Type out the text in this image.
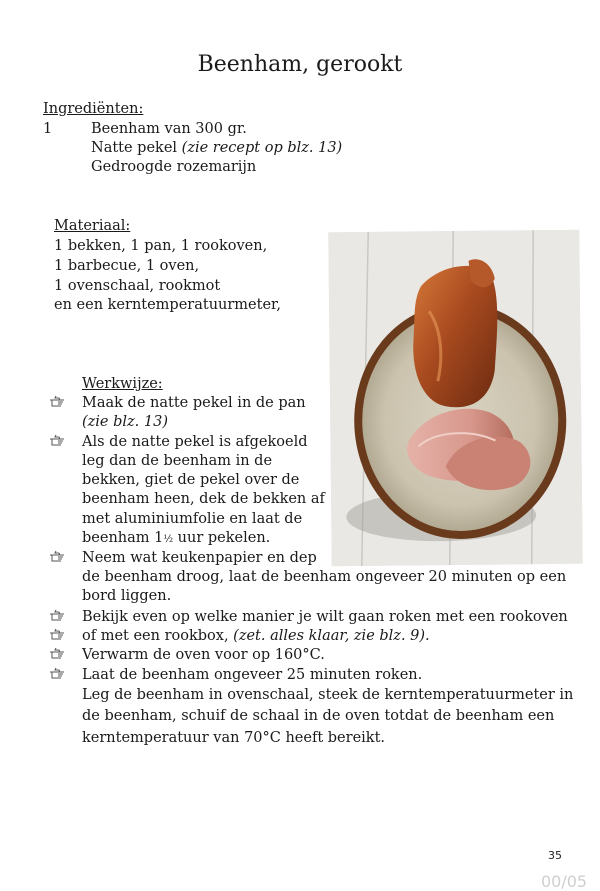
Beenham, gerookt
Ingrediënten:
1	Beenham van 300 gr.
Natte pekel (zie recept op blz. 13)
Gedroogde rozemarijn
Materiaal:
1 bekken, 1 pan, 1 rookoven,
1 barbecue, 1 oven,
1 ovenschaal, rookmot
en een kerntemperatuurmeter,
Werkwijze:
Maak de natte pekel in de pan
(zie blz. 13)
Als de natte pekel is afgekoeld
leg dan de beenham in de
bekken, giet de pekel over de
beenham heen, dek de bekken af
met aluminiumfolie en laat de
beenham 1½ uur pekelen.
Neem wat keukenpapier en dep
de beenham droog, laat de beenham ongeveer 20 minuten op een
bord liggen.
Bekijk even op welke manier je wilt gaan roken met een rookoven
of met een rookbox, (zet. alles klaar, zie blz. 9).
Verwarm de oven voor op 160°C.
Laat de beenham ongeveer 25 minuten roken.
Leg de beenham in ovenschaal, steek de kerntemperatuurmeter in
de beenham, schuif de schaal in de oven totdat de beenham een
kerntemperatuur van 70°C heeft bereikt.
35
00/05
